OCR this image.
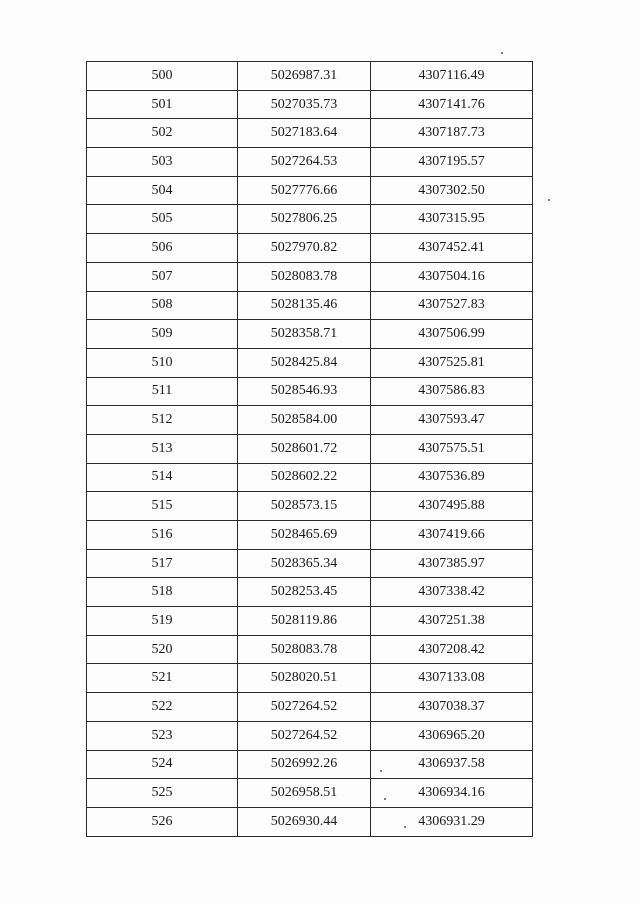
500	5026987.31	4307116.49
501	5027035.73	4307141.76
502	5027183.64	4307187.73
503	5027264.53	4307195.57
504	5027776.66	4307302.50
505	5027806.25	4307315.95
506	5027970.82	4307452.41
507	5028083.78	4307504.16
508	5028135.46	4307527.83
509	5028358.71	4307506.99
510	5028425.84	4307525.81
511	5028546.93	4307586.83
512	5028584.00	4307593.47
513	5028601.72	4307575.51
514	5028602.22	4307536.89
515	5028573.15	4307495.88
516	5028465.69	4307419.66
517	5028365.34	4307385.97
518	5028253.45	4307338.42
519	5028119.86	4307251.38
520	5028083.78	4307208.42
521	5028020.51	4307133.08
522	5027264.52	4307038.37
523	5027264.52	4306965.20
524	5026992.26	4306937.58
525	5026958.51	4306934.16
526	5026930.44	4306931.29
